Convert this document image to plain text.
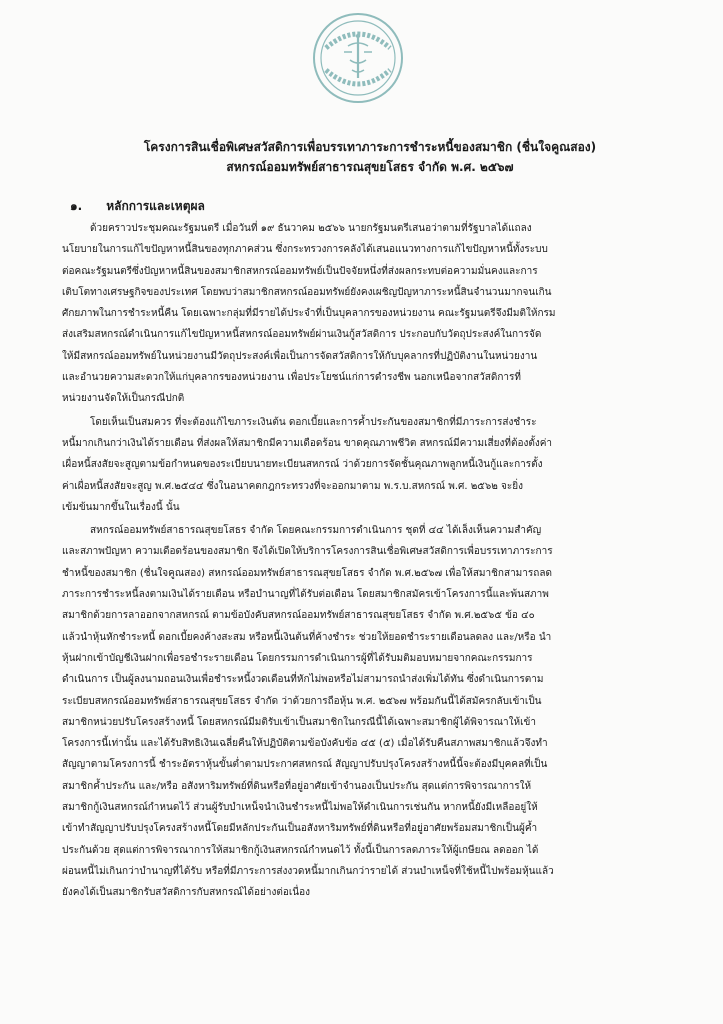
โครงการสินเชื่อพิเศษสวัสดิการเพื่อบรรเทาภาระการชำระหนี้ของสมาชิก (ชื่นใจคูณสอง)
สหกรณ์ออมทรัพย์สาธารณสุขยโสธร จำกัด พ.ศ. ๒๕๖๗
๑. หลักการและเหตุผล
ด้วยคราวประชุมคณะรัฐมนตรี เมื่อวันที่ ๑๙ ธันวาคม ๒๕๖๖ นายกรัฐมนตรีเสนอว่าตามที่รัฐบาลได้แถลง
นโยบายในการแก้ไขปัญหาหนี้สินของทุกภาคส่วน ซึ่งกระทรวงการคลังได้เสนอแนวทางการแก้ไขปัญหาหนี้ทั้งระบบ
ต่อคณะรัฐมนตรีซึ่งปัญหาหนี้สินของสมาชิกสหกรณ์ออมทรัพย์เป็นปัจจัยหนึ่งที่ส่งผลกระทบต่อความมั่นคงและการ
เติบโตทางเศรษฐกิจของประเทศ โดยพบว่าสมาชิกสหกรณ์ออมทรัพย์ยังคงเผชิญปัญหาภาระหนี้สินจำนวนมากจนเกิน
ศักยภาพในการชำระหนี้คืน โดยเฉพาะกลุ่มที่มีรายได้ประจำที่เป็นบุคลากรของหน่วยงาน คณะรัฐมนตรีจึงมีมติให้กรม
ส่งเสริมสหกรณ์ดำเนินการแก้ไขปัญหาหนี้สหกรณ์ออมทรัพย์ผ่านเงินกู้สวัสดิการ ประกอบกับวัตถุประสงค์ในการจัด
ให้มีสหกรณ์ออมทรัพย์ในหน่วยงานมีวัตถุประสงค์เพื่อเป็นการจัดสวัสดิการให้กับบุคลากรที่ปฏิบัติงานในหน่วยงาน
และอำนวยความสะดวกให้แก่บุคลากรของหน่วยงาน เพื่อประโยชน์แก่การดำรงชีพ นอกเหนือจากสวัสดิการที่
หน่วยงานจัดให้เป็นกรณีปกติ
โดยเห็นเป็นสมควร ที่จะต้องแก้ไขภาระเงินต้น ดอกเบี้ยและการค้ำประกันของสมาชิกที่มีภาระการส่งชำระ
หนี้มากเกินกว่าเงินได้รายเดือน ที่ส่งผลให้สมาชิกมีความเดือดร้อน ขาดคุณภาพชีวิต สหกรณ์มีความเสี่ยงที่ต้องตั้งค่า
เผื่อหนี้สงสัยจะสูญตามข้อกำหนดของระเบียบนายทะเบียนสหกรณ์ ว่าด้วยการจัดชั้นคุณภาพลูกหนี้เงินกู้และการตั้ง
ค่าเผื่อหนี้สงสัยจะสูญ พ.ศ.๒๕๔๔ ซึ่งในอนาคตกฎกระทรวงที่จะออกมาตาม พ.ร.บ.สหกรณ์ พ.ศ. ๒๕๖๒ จะยิ่ง
เข้มข้นมากขึ้นในเรื่องนี้ นั้น
สหกรณ์ออมทรัพย์สาธารณสุขยโสธร จำกัด โดยคณะกรรมการดำเนินการ ชุดที่ ๔๔ ได้เล็งเห็นความสำคัญ
และสภาพปัญหา ความเดือดร้อนของสมาชิก จึงได้เปิดให้บริการโครงการสินเชื่อพิเศษสวัสดิการเพื่อบรรเทาภาระการ
ชำหนี้ของสมาชิก (ชื่นใจคูณสอง) สหกรณ์ออมทรัพย์สาธารณสุขยโสธร จำกัด พ.ศ.๒๕๖๗ เพื่อให้สมาชิกสามารถลด
ภาระการชำระหนี้ลงตามเงินได้รายเดือน หรือบำนาญที่ได้รับต่อเดือน โดยสมาชิกสมัครเข้าโครงการนี้และพ้นสภาพ
สมาชิกด้วยการลาออกจากสหกรณ์ ตามข้อบังคับสหกรณ์ออมทรัพย์สาธารณสุขยโสธร จำกัด พ.ศ.๒๕๖๕ ข้อ ๔๐
แล้วนำหุ้นหักชำระหนี้ ดอกเบี้ยคงค้างสะสม หรือหนี้เงินต้นที่ค้างชำระ ช่วยให้ยอดชำระรายเดือนลดลง และ/หรือ นำ
หุ้นฝากเข้าบัญชีเงินฝากเพื่อรอชำระรายเดือน โดยกรรมการดำเนินการผู้ที่ได้รับมติมอบหมายจากคณะกรรมการ
ดำเนินการ เป็นผู้ลงนามถอนเงินเพื่อชำระหนี้งวดเดือนที่หักไม่พอหรือไม่สามารถนำส่งเพิ่มได้ทัน ซึ่งดำเนินการตาม
ระเบียบสหกรณ์ออมทรัพย์สาธารณสุขยโสธร จำกัด ว่าด้วยการถือหุ้น พ.ศ. ๒๕๖๗ พร้อมกันนี้ได้สมัครกลับเข้าเป็น
สมาชิกหน่วยปรับโครงสร้างหนี้ โดยสหกรณ์มีมติรับเข้าเป็นสมาชิกในกรณีนี้ได้เฉพาะสมาชิกผู้ได้พิจารณาให้เข้า
โครงการนี้เท่านั้น และได้รับสิทธิเงินเฉลี่ยคืนให้ปฏิบัติตามข้อบังคับข้อ ๔๕ (๕) เมื่อได้รับคืนสภาพสมาชิกแล้วจึงทำ
สัญญาตามโครงการนี้ ชำระอัตราหุ้นขั้นต่ำตามประกาศสหกรณ์ สัญญาปรับปรุงโครงสร้างหนี้นี้จะต้องมีบุคคลที่เป็น
สมาชิกค้ำประกัน และ/หรือ อสังหาริมทรัพย์ที่ดินหรือที่อยู่อาศัยเข้าจำนองเป็นประกัน สุดแต่การพิจารณาการให้
สมาชิกกู้เงินสหกรณ์กำหนดไว้ ส่วนผู้รับบำเหน็จนำเงินชำระหนี้ไม่พอให้ดำเนินการเช่นกัน หากหนี้ยังมีเหลืออยู่ให้
เข้าทำสัญญาปรับปรุงโครงสร้างหนี้โดยมีหลักประกันเป็นอสังหาริมทรัพย์ที่ดินหรือที่อยู่อาศัยพร้อมสมาชิกเป็นผู้ค้ำ
ประกันด้วย สุดแต่การพิจารณาการให้สมาชิกกู้เงินสหกรณ์กำหนดไว้ ทั้งนี้เป็นการลดภาระให้ผู้เกษียณ ลดออก ได้
ผ่อนหนี้ไม่เกินกว่าบำนาญที่ได้รับ หรือที่มีภาระการส่งงวดหนี้มากเกินกว่ารายได้ ส่วนบำเหน็จที่ใช้หนี้ไปพร้อมหุ้นแล้ว
ยังคงได้เป็นสมาชิกรับสวัสดิการกับสหกรณ์ได้อย่างต่อเนื่อง
